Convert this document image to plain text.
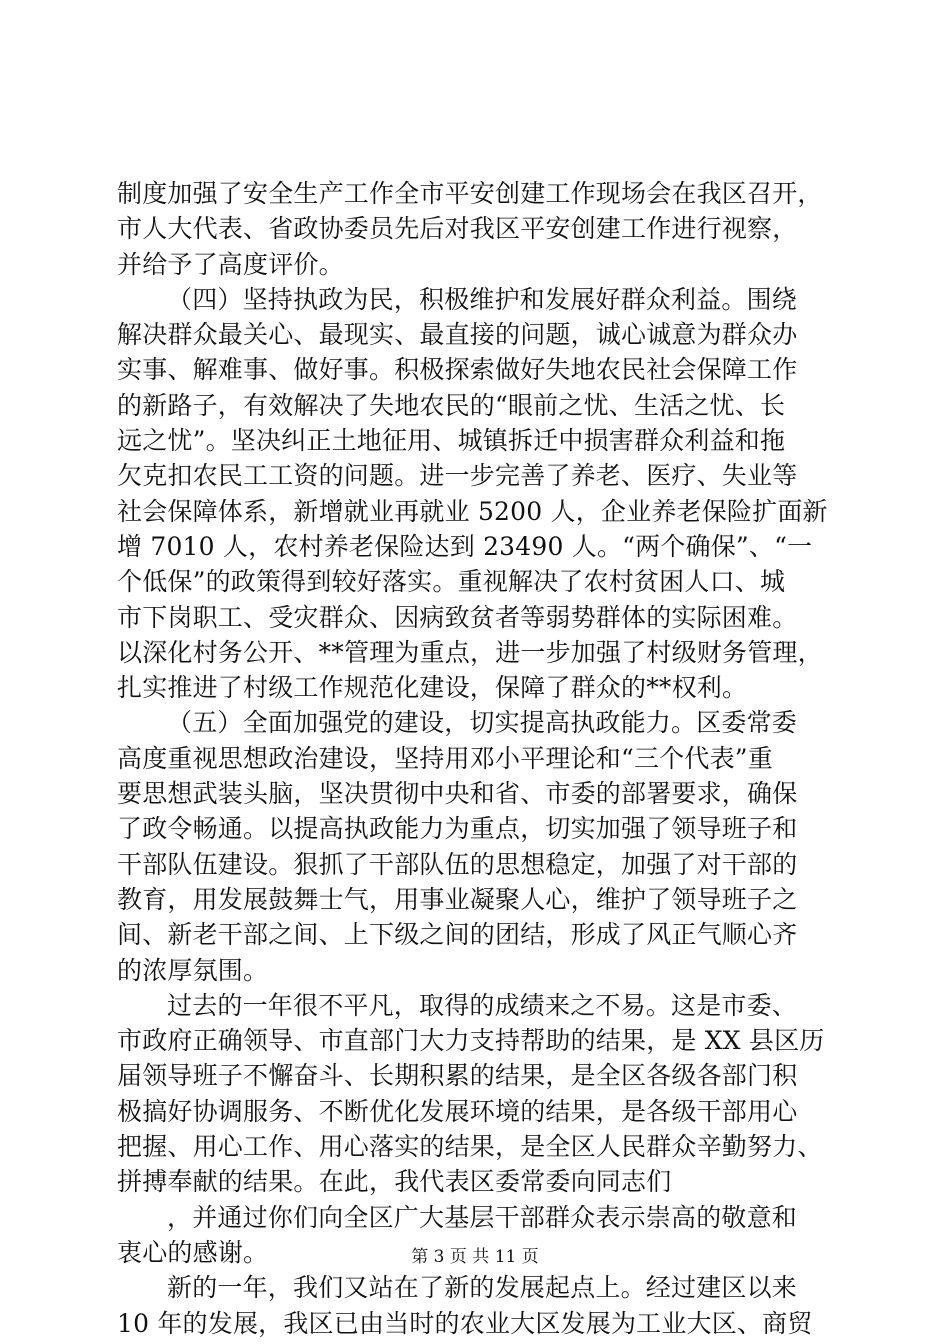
制度加强了安全生产工作全市平安创建工作现场会在我区召开，
市人大代表、省政协委员先后对我区平安创建工作进行视察，
并给予了高度评价。
（四）坚持执政为民，积极维护和发展好群众利益。围绕
解决群众最关心、最现实、最直接的问题，诚心诚意为群众办
实事、解难事、做好事。积极探索做好失地农民社会保障工作
的新路子，有效解决了失地农民的“眼前之忧、生活之忧、长
远之忧”。坚决纠正土地征用、城镇拆迁中损害群众利益和拖
欠克扣农民工工资的问题。进一步完善了养老、医疗、失业等
社会保障体系，新增就业再就业 5200 人，企业养老保险扩面新
增 7010 人，农村养老保险达到 23490 人。“两个确保”、“一
个低保”的政策得到较好落实。重视解决了农村贫困人口、城
市下岗职工、受灾群众、因病致贫者等弱势群体的实际困难。
以深化村务公开、**管理为重点，进一步加强了村级财务管理，
扎实推进了村级工作规范化建设，保障了群众的**权利。
（五）全面加强党的建设，切实提高执政能力。区委常委
高度重视思想政治建设，坚持用邓小平理论和“三个代表”重
要思想武装头脑，坚决贯彻中央和省、市委的部署要求，确保
了政令畅通。以提高执政能力为重点，切实加强了领导班子和
干部队伍建设。狠抓了干部队伍的思想稳定，加强了对干部的
教育，用发展鼓舞士气，用事业凝聚人心，维护了领导班子之
间、新老干部之间、上下级之间的团结，形成了风正气顺心齐
的浓厚氛围。
过去的一年很不平凡，取得的成绩来之不易。这是市委、
市政府正确领导、市直部门大力支持帮助的结果，是 XX 县区历
届领导班子不懈奋斗、长期积累的结果，是全区各级各部门积
极搞好协调服务、不断优化发展环境的结果，是各级干部用心
把握、用心工作、用心落实的结果，是全区人民群众辛勤努力、
拼搏奉献的结果。在此，我代表区委常委向同志们
，并通过你们向全区广大基层干部群众表示崇高的敬意和
衷心的感谢。
新的一年，我们又站在了新的发展起点上。经过建区以来
10 年的发展，我区已由当时的农业大区发展为工业大区、商贸
第 3 页 共 11 页
